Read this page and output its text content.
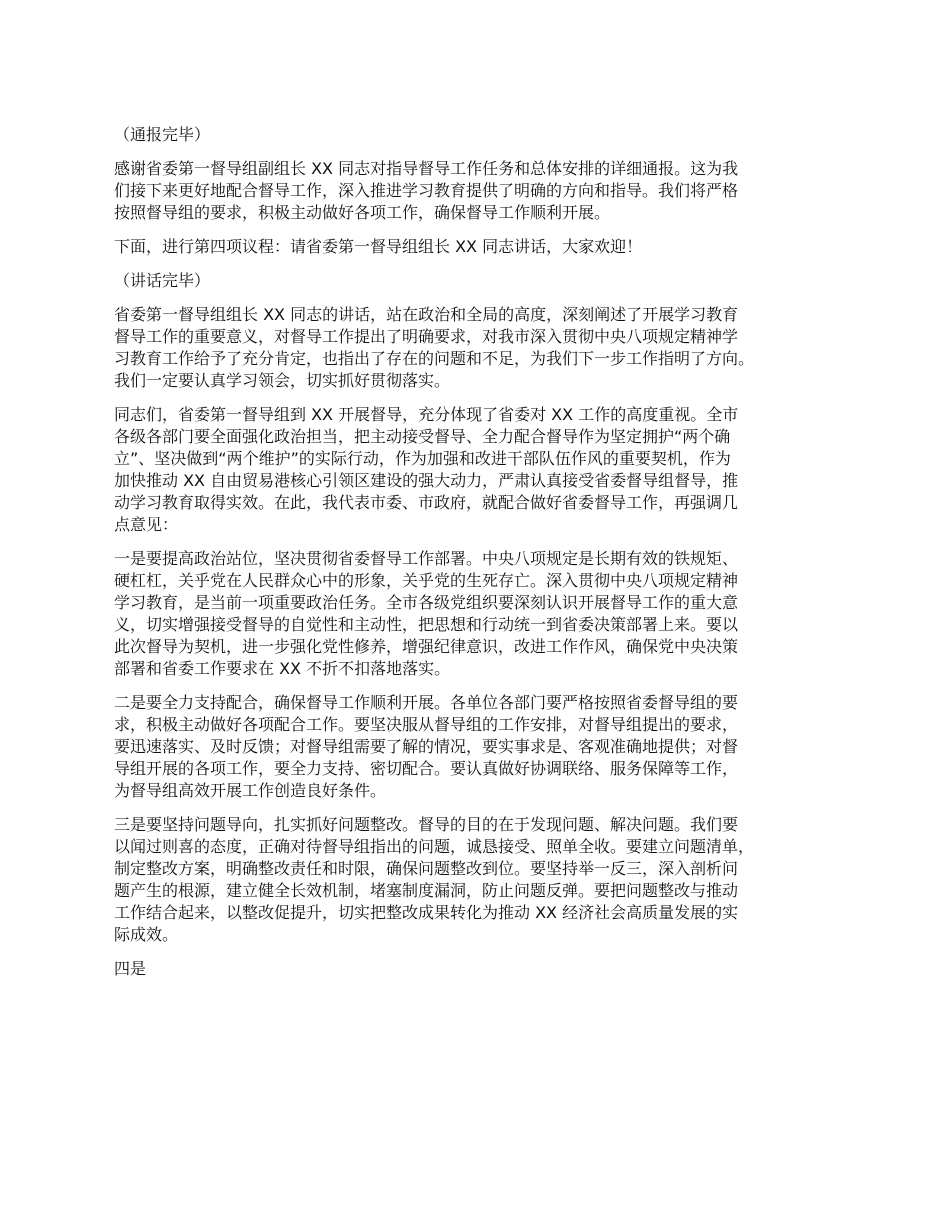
（通报完毕）

感谢省委第一督导组副组长 XX 同志对指导督导工作任务和总体安排的详细通报。这为我
们接下来更好地配合督导工作，深入推进学习教育提供了明确的方向和指导。我们将严格
按照督导组的要求，积极主动做好各项工作，确保督导工作顺利开展。

下面，进行第四项议程：请省委第一督导组组长 XX 同志讲话，大家欢迎！

（讲话完毕）

省委第一督导组组长 XX 同志的讲话，站在政治和全局的高度，深刻阐述了开展学习教育
督导工作的重要意义，对督导工作提出了明确要求，对我市深入贯彻中央八项规定精神学
习教育工作给予了充分肯定，也指出了存在的问题和不足，为我们下一步工作指明了方向。
我们一定要认真学习领会，切实抓好贯彻落实。

同志们，省委第一督导组到 XX 开展督导，充分体现了省委对 XX 工作的高度重视。全市
各级各部门要全面强化政治担当，把主动接受督导、全力配合督导作为坚定拥护“两个确
立”、坚决做到“两个维护”的实际行动，作为加强和改进干部队伍作风的重要契机，作为
加快推动 XX 自由贸易港核心引领区建设的强大动力，严肃认真接受省委督导组督导，推
动学习教育取得实效。在此，我代表市委、市政府，就配合做好省委督导工作，再强调几
点意见：

一是要提高政治站位，坚决贯彻省委督导工作部署。中央八项规定是长期有效的铁规矩、
硬杠杠，关乎党在人民群众心中的形象，关乎党的生死存亡。深入贯彻中央八项规定精神
学习教育，是当前一项重要政治任务。全市各级党组织要深刻认识开展督导工作的重大意
义，切实增强接受督导的自觉性和主动性，把思想和行动统一到省委决策部署上来。要以
此次督导为契机，进一步强化党性修养，增强纪律意识，改进工作作风，确保党中央决策
部署和省委工作要求在 XX 不折不扣落地落实。

二是要全力支持配合，确保督导工作顺利开展。各单位各部门要严格按照省委督导组的要
求，积极主动做好各项配合工作。要坚决服从督导组的工作安排，对督导组提出的要求，
要迅速落实、及时反馈；对督导组需要了解的情况，要实事求是、客观准确地提供；对督
导组开展的各项工作，要全力支持、密切配合。要认真做好协调联络、服务保障等工作，
为督导组高效开展工作创造良好条件。

三是要坚持问题导向，扎实抓好问题整改。督导的目的在于发现问题、解决问题。我们要
以闻过则喜的态度，正确对待督导组指出的问题，诚恳接受、照单全收。要建立问题清单，
制定整改方案，明确整改责任和时限，确保问题整改到位。要坚持举一反三，深入剖析问
题产生的根源，建立健全长效机制，堵塞制度漏洞，防止问题反弹。要把问题整改与推动
工作结合起来，以整改促提升，切实把整改成果转化为推动 XX 经济社会高质量发展的实
际成效。

四是
